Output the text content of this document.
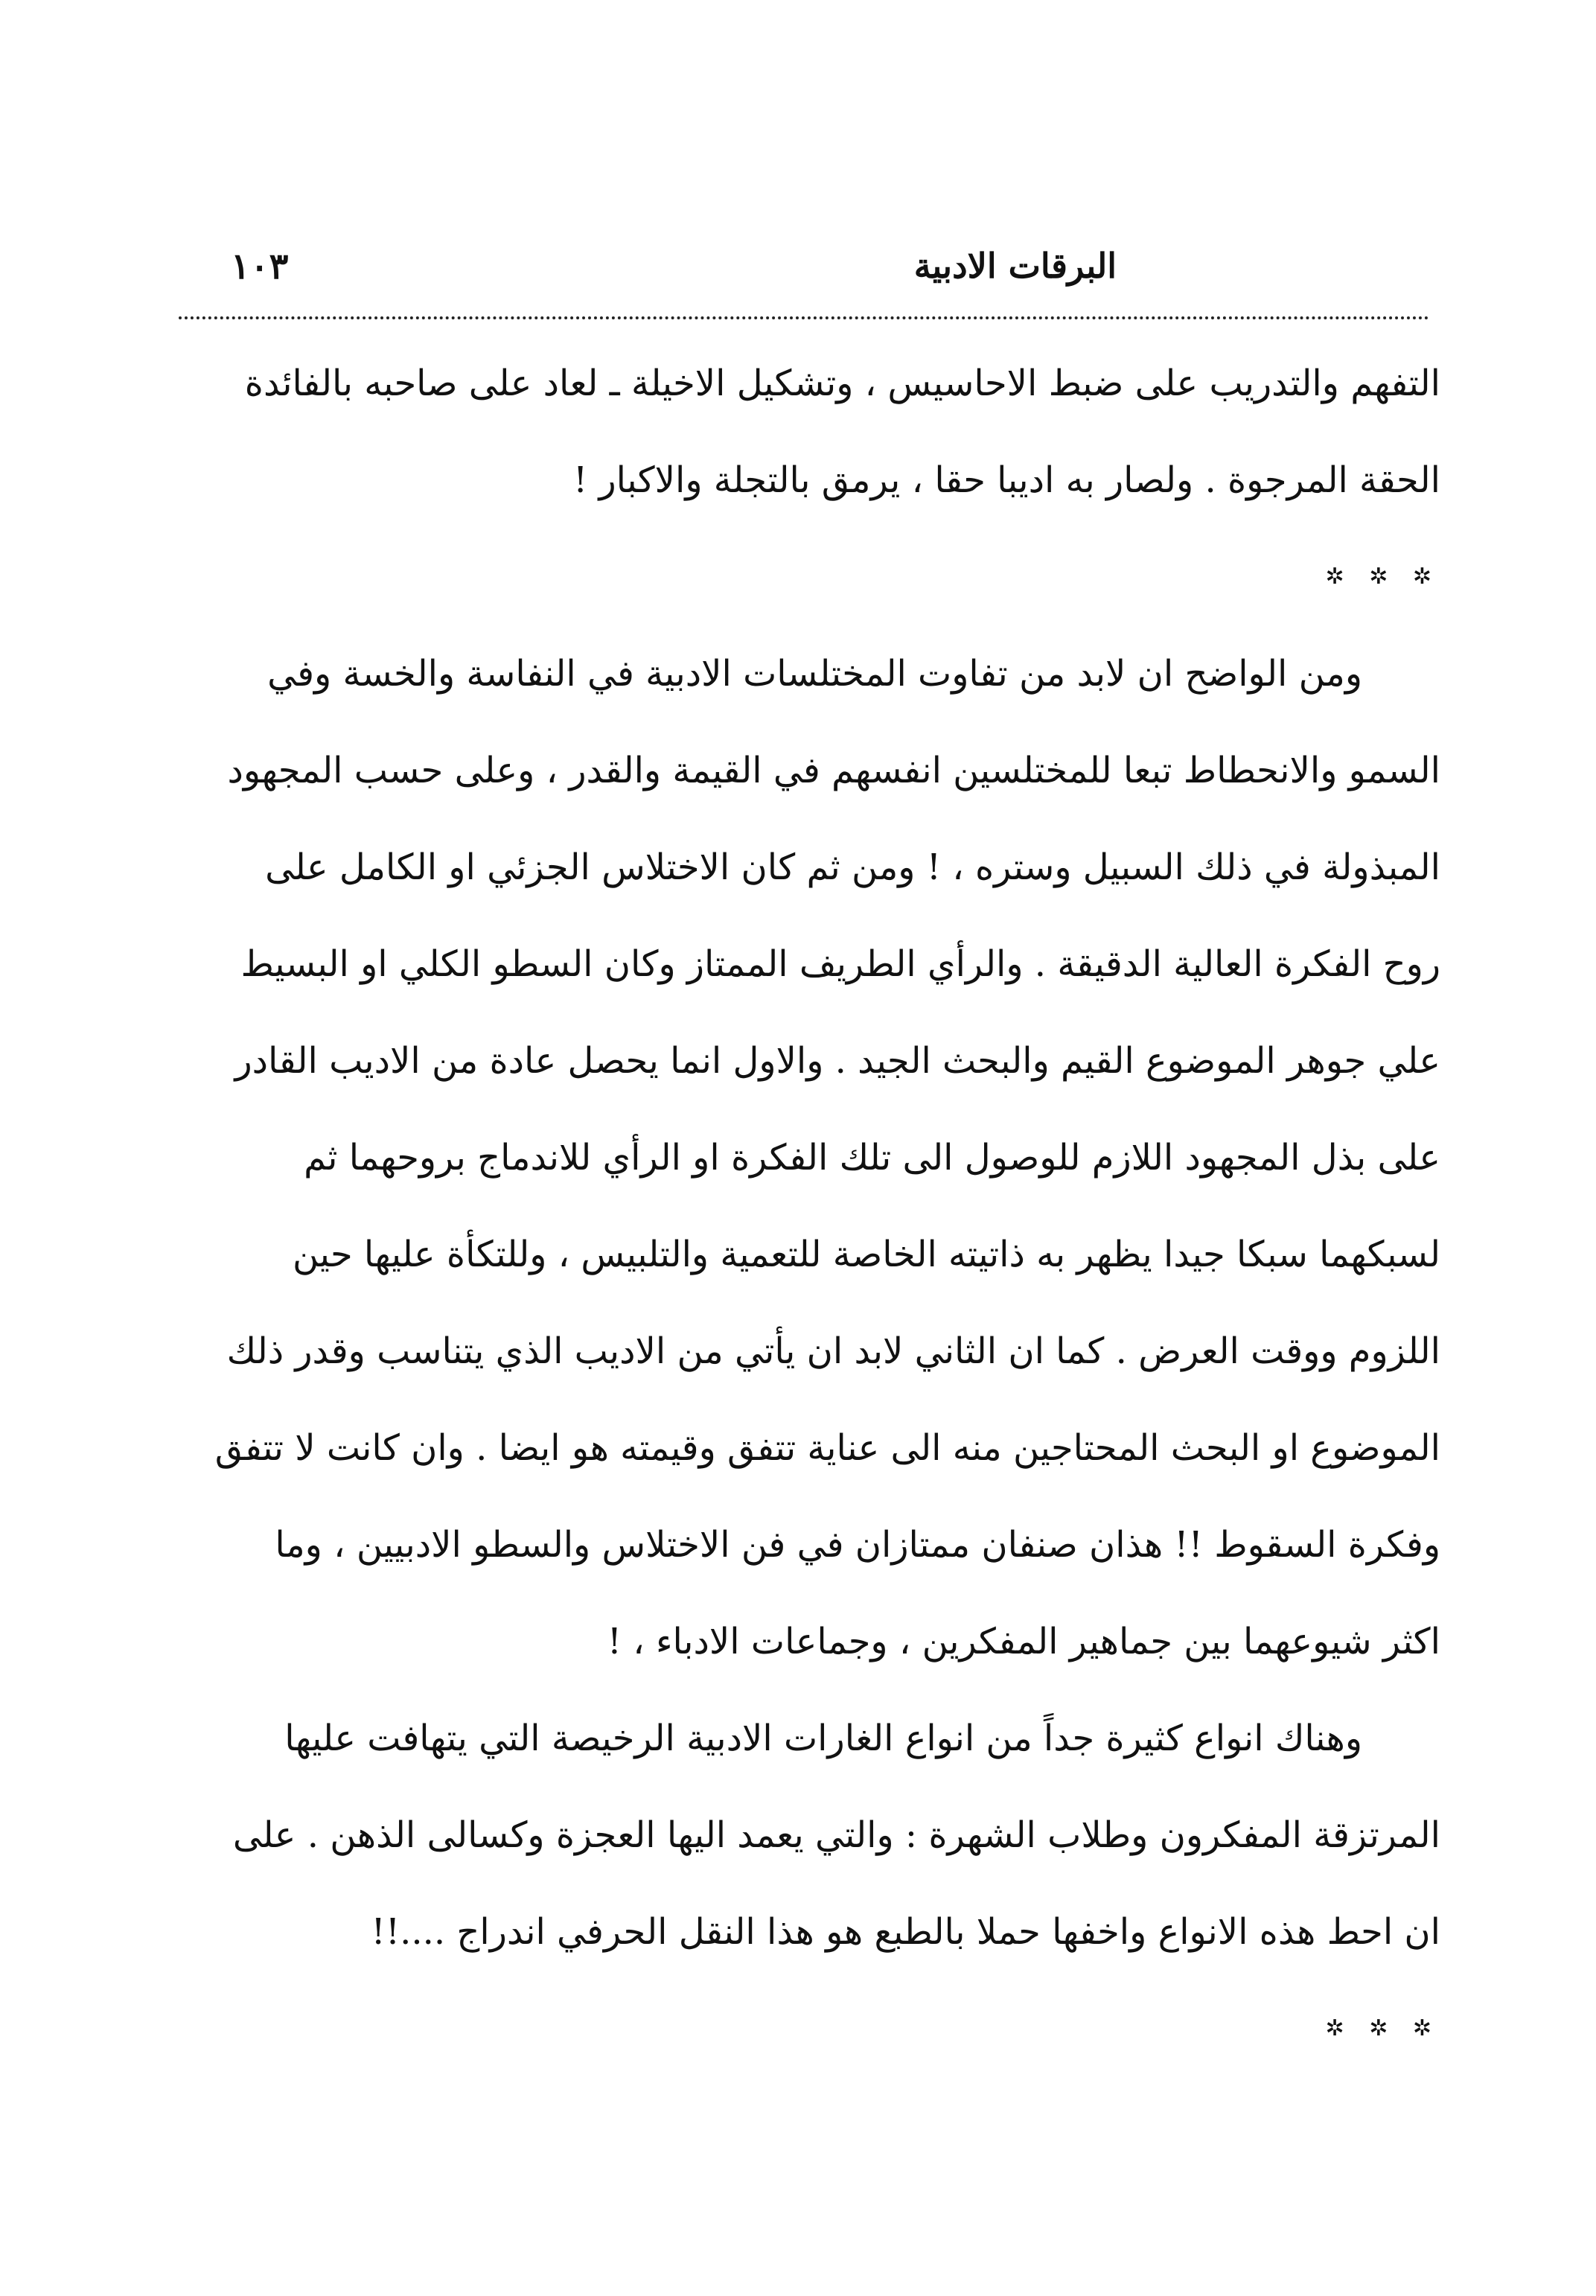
البرقات الادبية
١٠٣
التفهم والتدريب على ضبط الاحاسيس ، وتشكيل الاخيلة ـ لعاد على صاحبه بالفائدة
الحقة المرجوة . ولصار به اديبا حقا ، يرمق بالتجلة والاكبار !
✲ ✲ ✲
ومن الواضح ان لابد من تفاوت المختلسات الادبية في النفاسة والخسة وفي
السمو والانحطاط تبعا للمختلسين انفسهم في القيمة والقدر ، وعلى حسب المجهود
المبذولة في ذلك السبيل وستره ، ! ومن ثم كان الاختلاس الجزئي او الكامل على
روح الفكرة العالية الدقيقة . والرأي الطريف الممتاز وكان السطو الكلي او البسيط
علي جوهر الموضوع القيم والبحث الجيد . والاول انما يحصل عادة من الاديب القادر
على بذل المجهود اللازم للوصول الى تلك الفكرة او الرأي للاندماج بروحهما ثم
لسبكهما سبكا جيدا يظهر به ذاتيته الخاصة للتعمية والتلبيس ، وللتكأة عليها حين
اللزوم ووقت العرض . كما ان الثاني لابد ان يأتي من الاديب الذي يتناسب وقدر ذلك
الموضوع او البحث المحتاجين منه الى عناية تتفق وقيمته هو ايضا . وان كانت لا تتفق
وفكرة السقوط !! هذان صنفان ممتازان في فن الاختلاس والسطو الادبيين ، وما
اكثر شيوعهما بين جماهير المفكرين ، وجماعات الادباء ، !
وهناك انواع كثيرة جداً من انواع الغارات الادبية الرخيصة التي يتهافت عليها
المرتزقة المفكرون وطلاب الشهرة : والتي يعمد اليها العجزة وكسالى الذهن . على
ان احط هذه الانواع واخفها حملا بالطبع هو هذا النقل الحرفي اندراج ....!!
✲ ✲ ✲
